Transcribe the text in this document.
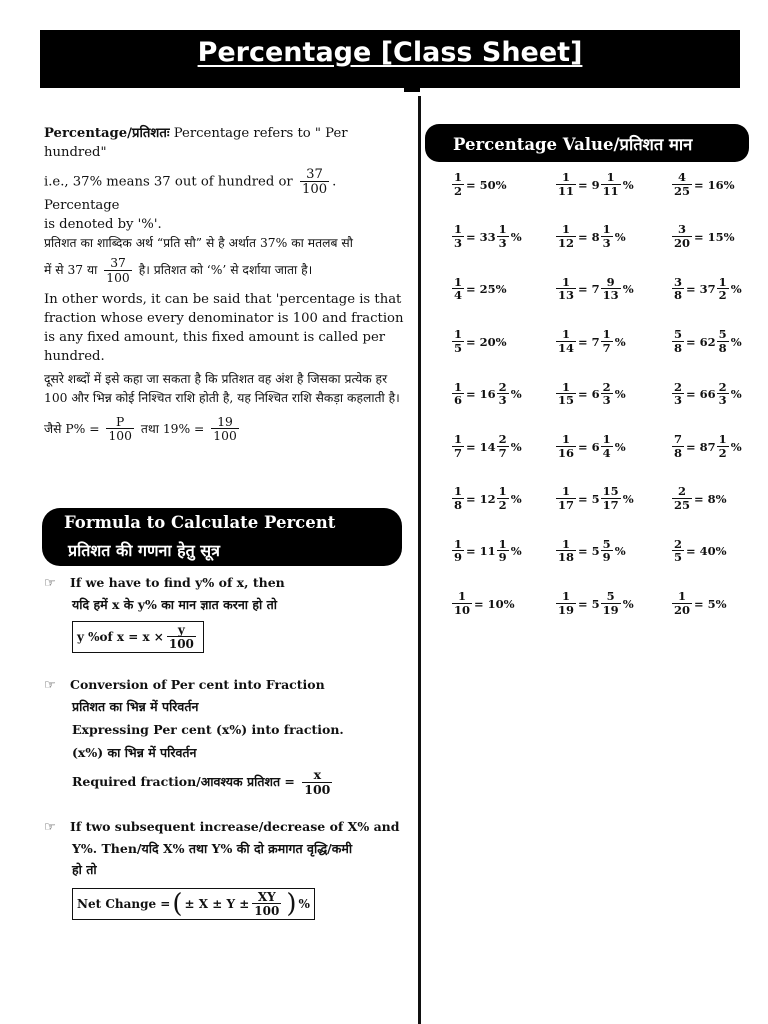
Percentage [Class Sheet]

Percentage/प्रतिशतः Percentage refers to " Per hundred"

i.e., 37% means 37 out of hundred or $\frac{37}{100}$ . Percentage

is denoted by '%'.

प्रतिशत का शाब्दिक अर्थ “प्रति सौ” से है अर्थात 37% का मतलब सौ

में से 37 या $\frac{37}{100}$ है। प्रतिशत को ‘%’ से दर्शाया जाता है।

In other words, it can be said that 'percentage is that fraction whose every denominator is 100 and fraction is any fixed amount, this fixed amount is called per hundred.

दूसरे शब्दों में इसे कहा जा सकता है कि प्रतिशत वह अंश है जिसका प्रत्येक हर 100 और भिन्न कोई निश्चित राशि होती है, यह निश्चित राशि सैकड़ा कहलाती है।

जैसे $P\% = \frac{P}{100}$ तथा $19\% = \frac{19}{100}$

Formula to Calculate Percent
प्रतिशत की गणना हेतु सूत्र
☞ If we have to find y% of x, then
यदि हमें x के y% का मान ज्ञात करना हो तो
y %of $x = x \times \frac{y}{100}$
☞ Conversion of Per cent into Fraction
प्रतिशत का भिन्न में परिवर्तन
Expressing Per cent (x%) into fraction.
(x%) का भिन्न में परिवर्तन
Required fraction/आवश्यक प्रतिशत = $\frac{x}{100}$
☞ If two subsequent increase/decrease of X% and
Y%. Then/यदि X% तथा Y% की दो क्रमागत वृद्धि/कमी
हो तो
Net Change = ( ± $X \pm Y \pm \frac{XY}{100}$ ) %
Percentage Value/प्रतिशत मान
$\frac{1}{2} = 50\%$	$\frac{1}{11} = 9 \frac{1}{11}$ %	$\frac{4}{25} = 16\%$
$\frac{1}{3} = 33 \frac{1}{3}$ %	$\frac{1}{12} = 8 \frac{1}{3}$ %	$\frac{3}{20} = 15\%$
$\frac{1}{4} = 25\%$	$\frac{1}{13} = 7 \frac{9}{13}$ %	$\frac{3}{8} = 37 \frac{1}{2}$ %
$\frac{1}{5} = 20\%$	$\frac{1}{14} = 7 \frac{1}{7}$ %	$\frac{5}{8} = 62 \frac{5}{8}$ %
$\frac{1}{6} = 16 \frac{2}{3}$ %	$\frac{1}{15} = 6 \frac{2}{3}$ %	$\frac{2}{3} = 66 \frac{2}{3}$ %
$\frac{1}{7} = 14 \frac{2}{7}$ %	$\frac{1}{16} = 6 \frac{1}{4}$ %	$\frac{7}{8} = 87 \frac{1}{2}$ %
$\frac{1}{8} = 12 \frac{1}{2}$ %	$\frac{1}{17} = 5 \frac{15}{17}$ %	$\frac{2}{25} = 8\%$
$\frac{1}{9} = 11 \frac{1}{9}$ %	$\frac{1}{18} = 5 \frac{5}{9}$ %	$\frac{2}{5} = 40\%$
$\frac{1}{10} = 10\%$	$\frac{1}{19} = 5 \frac{5}{19}$ %	$\frac{1}{20} = 5\%$
